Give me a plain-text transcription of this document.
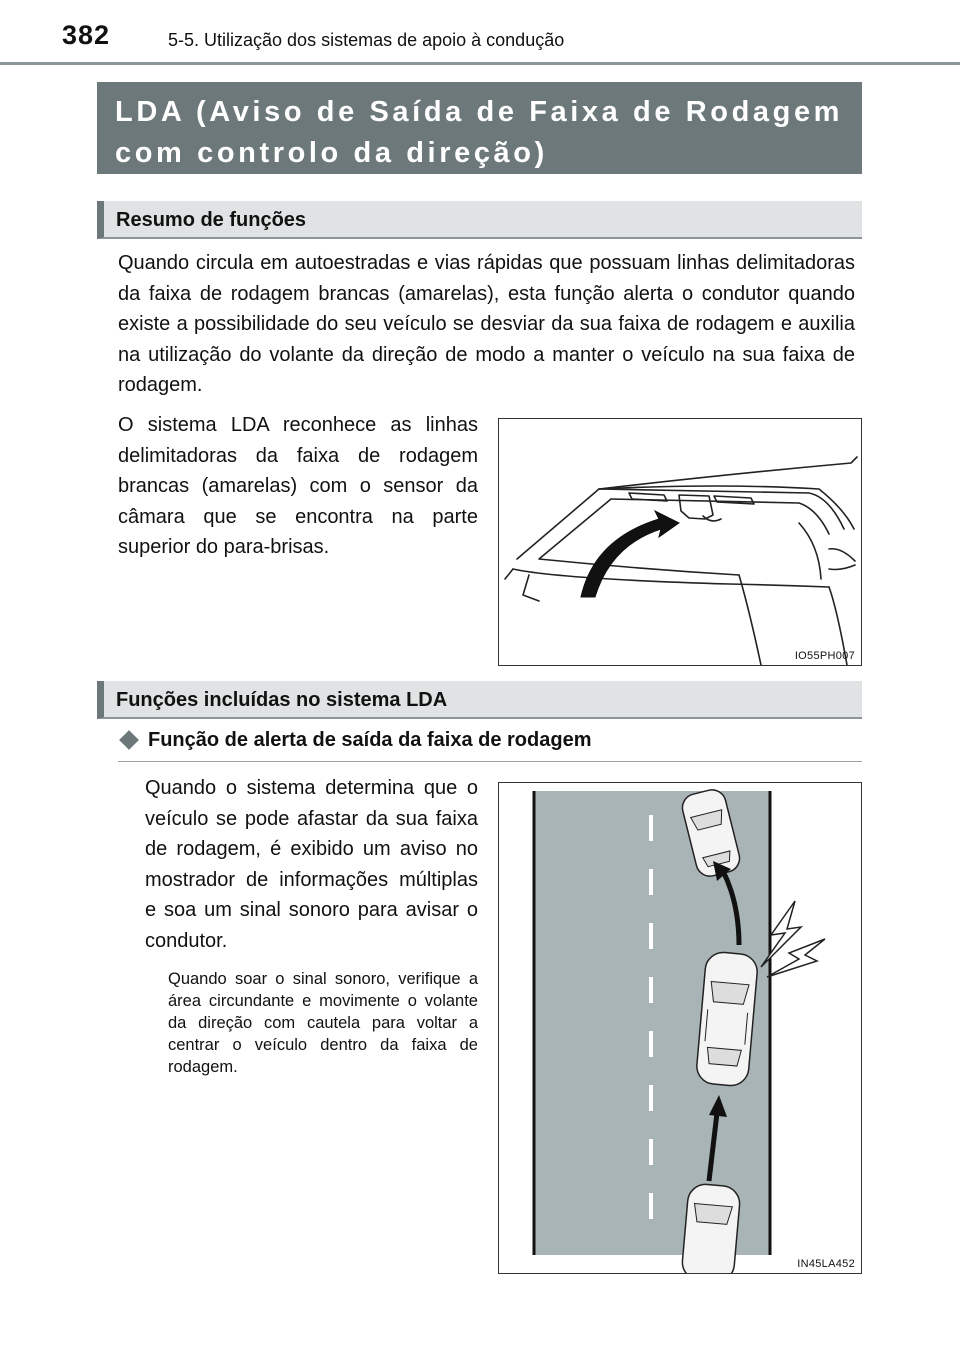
382	5-5. Utilização dos sistemas de apoio à condução
LDA (Aviso de Saída de Faixa de Rodagem
com controlo da direção)
Resumo de funções

Quando circula em autoestradas e vias rápidas que possuam linhas delimitadoras da faixa de rodagem brancas (amarelas), esta função alerta o condutor quando existe a possibilidade do seu veículo se desviar da sua faixa de rodagem e auxilia na utilização do volante da direção de modo a manter o veículo na sua faixa de rodagem.

O sistema LDA reconhece as linhas delimitadoras da faixa de rodagem brancas (amarelas) com o sensor da câmara que se encontra na parte superior do para-brisas.

IO55PH007
Funções incluídas no sistema LDA
Função de alerta de saída da faixa de rodagem

Quando o sistema determina que o veículo se pode afastar da sua faixa de rodagem, é exibido um aviso no mostrador de informações múltiplas e soa um sinal sonoro para avisar o condutor.

Quando soar o sinal sonoro, verifique a área circundante e movimente o volante da direção com cautela para voltar a centrar o veículo dentro da faixa de rodagem.

IN45LA452
